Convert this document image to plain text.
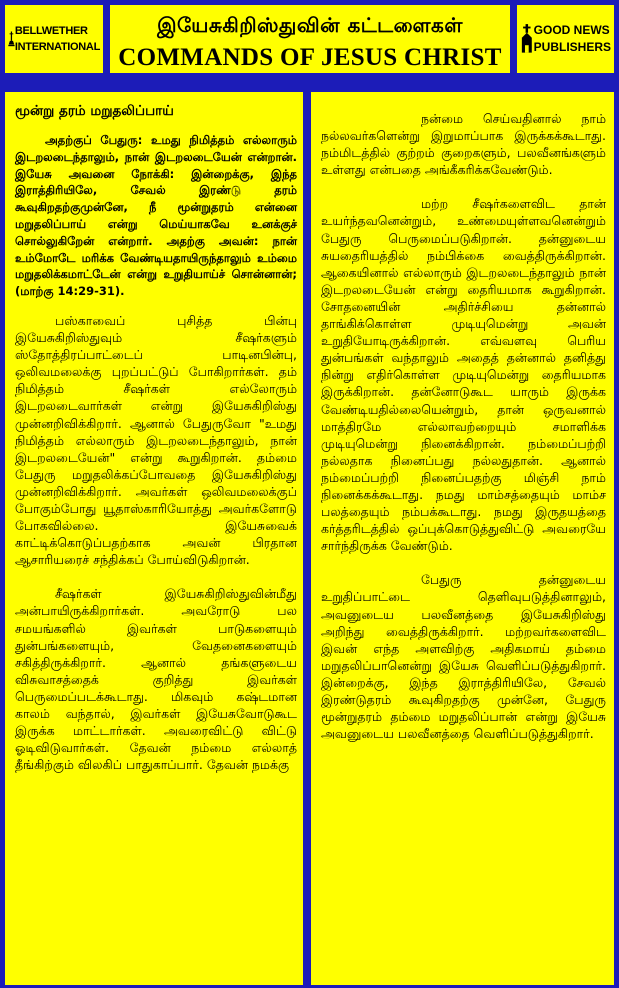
BELLWETHER
INTERNATIONAL
இயேசுகிறிஸ்துவின் கட்டளைகள்
COMMANDS OF JESUS CHRIST
GOOD NEWS
PUBLISHERS
மூன்று தரம் மறுதலிப்பாய்

அதற்குப் பேதுரு: உமது நிமித்தம் எல்லாரும் இடறலடைந்தாலும், நான் இடறலடையேன் என்றான். இயேசு அவனை நோக்கி: இன்றைக்கு, இந்த இராத்திரியிலே, சேவல் இரண்டு தரம் கூவுகிறதற்குமுன்னே, நீ மூன்றுதரம் என்னை மறுதலிப்பாய் என்று மெய்யாகவே உனக்குச் சொல்லுகிறேன் என்றார். அதற்கு அவன்: நான் உம்மோடே மரிக்க வேண்டியதாயிருந்தாலும் உம்மை மறுதலிக்கமாட்டேன் என்று உறுதியாய்ச் சொன்னான்; (மாற்கு 14:29-31).

பஸ்காவைப் புசித்த பின்பு இயேசுகிறிஸ்துவும் சீஷர்களும் ஸ்தோத்திரப்பாட்டைப் பாடினபின்பு, ஒலிவமலைக்கு புறப்பட்டுப் போகிறார்கள். தம் நிமித்தம் சீஷர்கள் எல்லோரும் இடறலடைவார்கள் என்று இயேசுகிறிஸ்து முன்னறிவிக்கிறார். ஆனால் பேதுருவோ "உமது நிமித்தம் எல்லாரும் இடறலடைந்தாலும், நான் இடறலடையேன்" என்று கூறுகிறான். தம்மை பேதுரு மறுதலிக்கப்போவதை இயேசுகிறிஸ்து முன்னறிவிக்கிறார். அவர்கள் ஒலிவமலைக்குப் போகும்போது யூதாஸ்காரியோத்து அவர்களோடு போகவில்லை. இயேசுவைக் காட்டிக்கொடுப்பதற்காக அவன் பிரதான ஆசாரியரைச் சந்திக்கப் போய்விடுகிறான்.

சீஷர்கள் இயேசுகிறிஸ்துவின்மீது அன்பாயிருக்கிறார்கள். அவரோடு பல சமயங்களில் இவர்கள் பாடுகளையும் துன்பங்களையும், வேதனைகளையும் சகித்திருக்கிறார். ஆனால் தங்களுடைய விசுவாசத்தைக் குறித்து இவர்கள் பெருமைப்படக்கூடாது. மிகவும் கஷ்டமான காலம் வந்தால், இவர்கள் இயேசுவோடுகூட இருக்க மாட்டார்கள். அவரைவிட்டு விட்டு ஓடிவிடுவார்கள். தேவன் நம்மை எல்லாத் தீங்கிற்கும் விலகிப் பாதுகாப்பார். தேவன் நமக்கு

நன்மை செய்வதினால் நாம் நல்லவர்களென்று இறுமாப்பாக இருக்கக்கூடாது. நம்மிடத்தில் குற்றம் குறைகளும், பலவீனங்களும் உள்ளது என்பதை அங்கீகரிக்கவேண்டும்.

மற்ற சீஷர்களைவிட தான் உயர்ந்தவனென்றும், உண்மையுள்ளவனென்றும் பேதுரு பெருமைப்படுகிறான். தன்னுடைய சுயதைரியத்தில் நம்பிக்கை வைத்திருக்கிறான். ஆகையினால் எல்லாரும் இடறலடைந்தாலும் நான் இடறலடையேன் என்று தைரியமாக கூறுகிறான். சோதனையின் அதிர்ச்சியை தன்னால் தாங்கிக்கொள்ள முடியுமென்று அவன் உறுதியோடிருக்கிறான். எவ்வளவு பெரிய துன்பங்கள் வந்தாலும் அதைத் தன்னால் தனித்து நின்று எதிர்கொள்ள முடியுமென்று தைரியமாக இருக்கிறான். தன்னோடுகூட யாரும் இருக்க வேண்டியதில்லையென்றும், தான் ஒருவனால் மாத்திரமே எல்லாவற்றையும் சமாளிக்க முடியுமென்று நினைக்கிறான். நம்மைப்பற்றி நல்லதாக நினைப்பது நல்லதுதான். ஆனால் நம்மைப்பற்றி நினைப்பதற்கு மிஞ்சி நாம் நினைக்கக்கூடாது. நமது மாம்சத்தையும் மாம்ச பலத்தையும் நம்பக்கூடாது. நமது இருதயத்தை கர்த்தரிடத்தில் ஒப்புக்கொடுத்துவிட்டு அவரையே சார்ந்திருக்க வேண்டும்.

பேதுரு தன்னுடைய உறுதிப்பாட்டை தெளிவுபடுத்தினாலும், அவனுடைய பலவீனத்தை இயேசுகிறிஸ்து அறிந்து வைத்திருக்கிறார். மற்றவர்களைவிட இவன் எந்த அளவிற்கு அதிகமாய் தம்மை மறுதலிப்பானென்று இயேசு வெளிப்படுத்துகிறார். இன்றைக்கு, இந்த இராத்திரியிலே, சேவல் இரண்டுதரம் கூவுகிறதற்கு முன்னே, பேதுரு மூன்றுதரம் தம்மை மறுதலிப்பான் என்று இயேசு அவனுடைய பலவீனத்தை வெளிப்படுத்துகிறார்.
